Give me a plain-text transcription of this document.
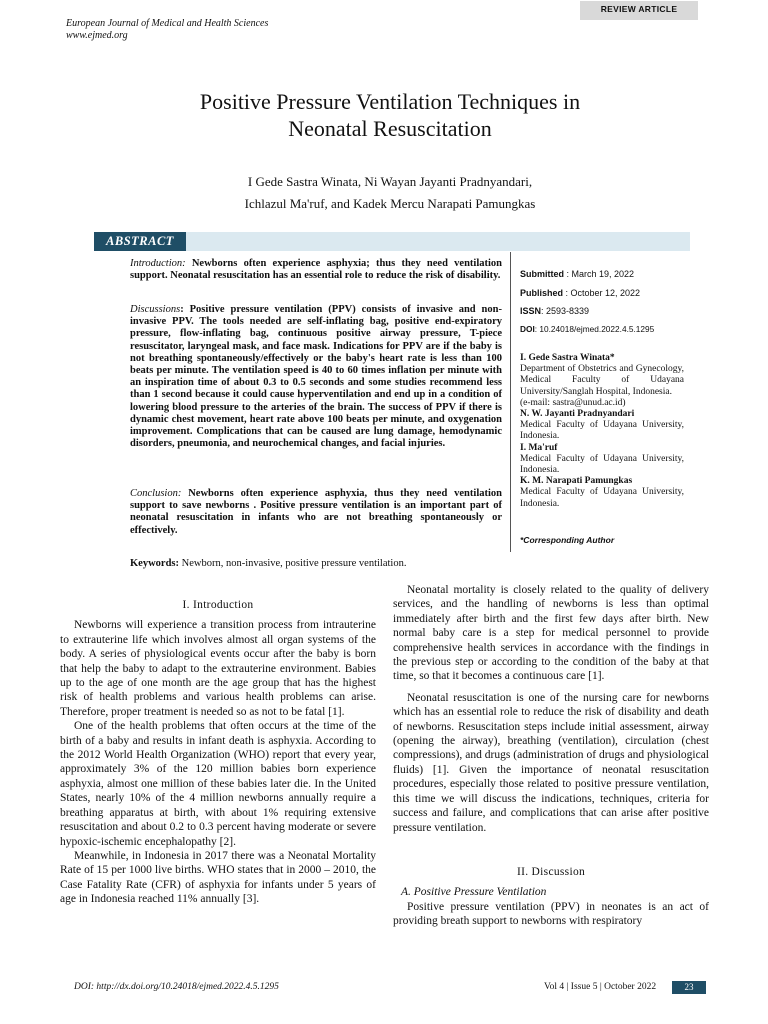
European Journal of Medical and Health Sciences
www.ejmed.org
REVIEW ARTICLE
Positive Pressure Ventilation Techniques in
Neonatal Resuscitation
I Gede Sastra Winata, Ni Wayan Jayanti Pradnyandari,
Ichlazul Ma'ruf, and Kadek Mercu Narapati Pamungkas
ABSTRACT
Introduction: Newborns often experience asphyxia; thus they need ventilation support. Neonatal resuscitation has an essential role to reduce the risk of disability.
Discussions: Positive pressure ventilation (PPV) consists of invasive and non-invasive PPV. The tools needed are self-inflating bag, positive end-expiratory pressure, flow-inflating bag, continuous positive airway pressure, T-piece resuscitator, laryngeal mask, and face mask. Indications for PPV are if the baby is not breathing spontaneously/effectively or the baby's heart rate is less than 100 beats per minute. The ventilation speed is 40 to 60 times inflation per minute with an inspiration time of about 0.3 to 0.5 seconds and some studies recommend less than 1 second because it could cause hyperventilation and end up in a condition of lowering blood pressure to the arteries of the brain. The success of PPV if there is dynamic chest movement, heart rate above 100 beats per minute, and oxygenation improvement. Complications that can be caused are lung damage, hemodynamic disorders, pneumonia, and neurochemical changes, and facial injuries.
Conclusion: Newborns often experience asphyxia, thus they need ventilation support to save newborns . Positive pressure ventilation is an important part of neonatal resuscitation in infants who are not breathing spontaneously or effectively.
Keywords: Newborn, non-invasive, positive pressure ventilation.
Submitted : March 19, 2022
Published : October 12, 2022
ISSN: 2593-8339
DOI: 10.24018/ejmed.2022.4.5.1295
I. Gede Sastra Winata*
Department of Obstetrics and Gynecology, Medical Faculty of Udayana University/Sanglah Hospital, Indonesia.
(e-mail: sastra@unud.ac.id)
N. W. Jayanti Pradnyandari
Medical Faculty of Udayana University, Indonesia.
I. Ma'ruf
Medical Faculty of Udayana University, Indonesia.
K. M. Narapati Pamungkas
Medical Faculty of Udayana University, Indonesia.
*Corresponding Author
I. Introduction

Newborns will experience a transition process from intrauterine to extrauterine life which involves almost all organ systems of the body. A series of physiological events occur after the baby is born that help the baby to adapt to the extrauterine environment. Babies up to the age of one month are the age group that has the highest risk of health problems and various health problems can arise. Therefore, proper treatment is needed so as not to be fatal [1].

One of the health problems that often occurs at the time of the birth of a baby and results in infant death is asphyxia. According to the 2012 World Health Organization (WHO) report that every year, approximately 3% of the 120 million babies born experience asphyxia, almost one million of these babies later die. In the United States, nearly 10% of the 4 million newborns annually require a breathing apparatus at birth, with about 1% requiring extensive resuscitation and about 0.2 to 0.3 percent having moderate or severe hypoxic-ischemic encephalopathy [2].

Meanwhile, in Indonesia in 2017 there was a Neonatal Mortality Rate of 15 per 1000 live births. WHO states that in 2000 – 2010, the Case Fatality Rate (CFR) of asphyxia for infants under 5 years of age in Indonesia reached 11% annually [3].

Neonatal mortality is closely related to the quality of delivery services, and the handling of newborns is less than optimal immediately after birth and the first few days after birth. New normal baby care is a step for medical personnel to provide comprehensive health services in accordance with the findings in the previous step or according to the condition of the baby at that time, so that it becomes a continuous care [1].

Neonatal resuscitation is one of the nursing care for newborns which has an essential role to reduce the risk of disability and death of newborns. Resuscitation steps include initial assessment, airway (opening the airway), breathing (ventilation), circulation (chest compressions), and drugs (administration of drugs and physiological fluids) [1]. Given the importance of neonatal resuscitation procedures, especially those related to positive pressure ventilation, this time we will discuss the indications, techniques, criteria for success and failure, and complications that can arise after positive pressure ventilation.

II. Discussion
A. Positive Pressure Ventilation

Positive pressure ventilation (PPV) in neonates is an act of providing breath support to newborns with respiratory

DOI: http://dx.doi.org/10.24018/ejmed.2022.4.5.1295	Vol 4 | Issue 5 | October 2022	23
